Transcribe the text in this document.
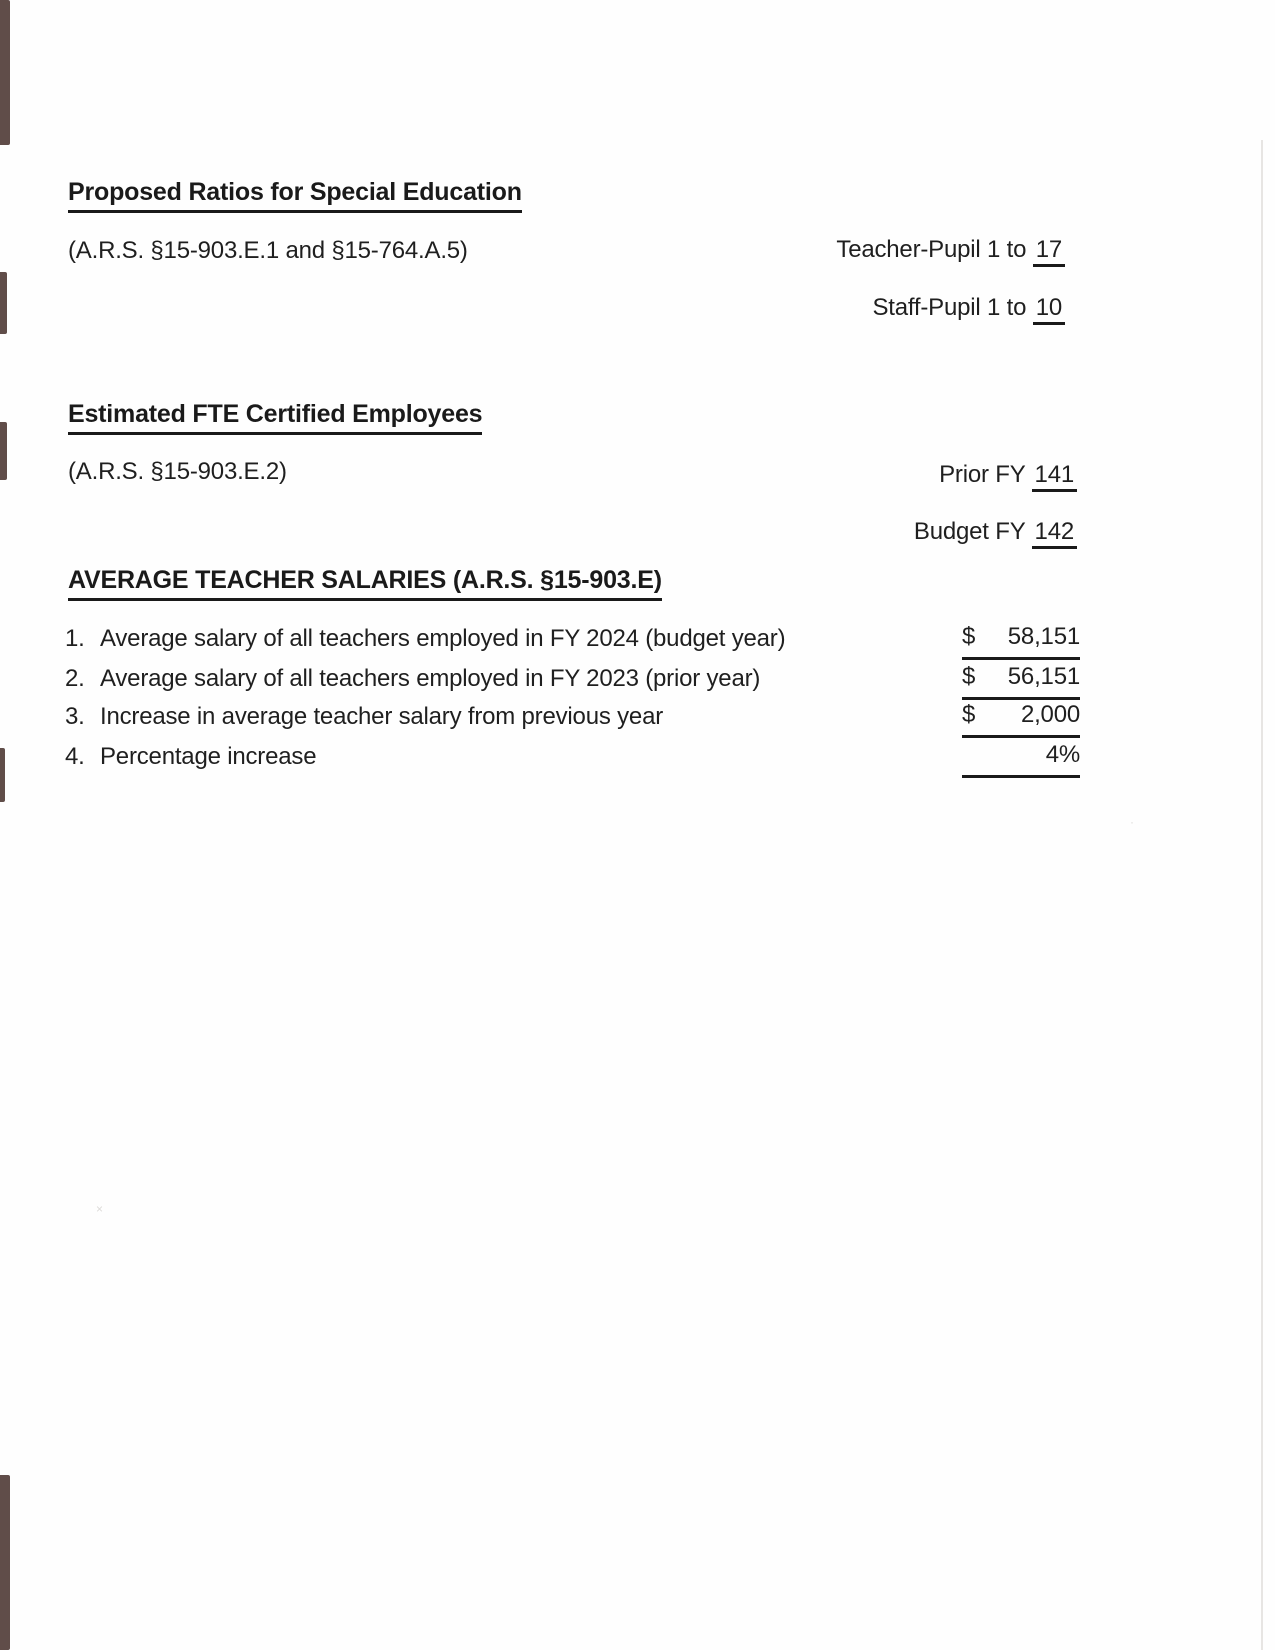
×
·
Proposed Ratios for Special Education
(A.R.S. §15-903.E.1 and §15-764.A.5)	Teacher-Pupil 1 to 17
Staff-Pupil 1 to 10
Estimated FTE Certified Employees
(A.R.S. §15-903.E.2)	Prior FY 141
Budget FY 142
AVERAGE TEACHER SALARIES (A.R.S. §15-903.E)
1. Average salary of all teachers employed in FY 2024 (budget year)	$	58,151
2. Average salary of all teachers employed in FY 2023 (prior year)	$	56,151
3. Increase in average teacher salary from previous year	$	2,000
4. Percentage increase	4%
